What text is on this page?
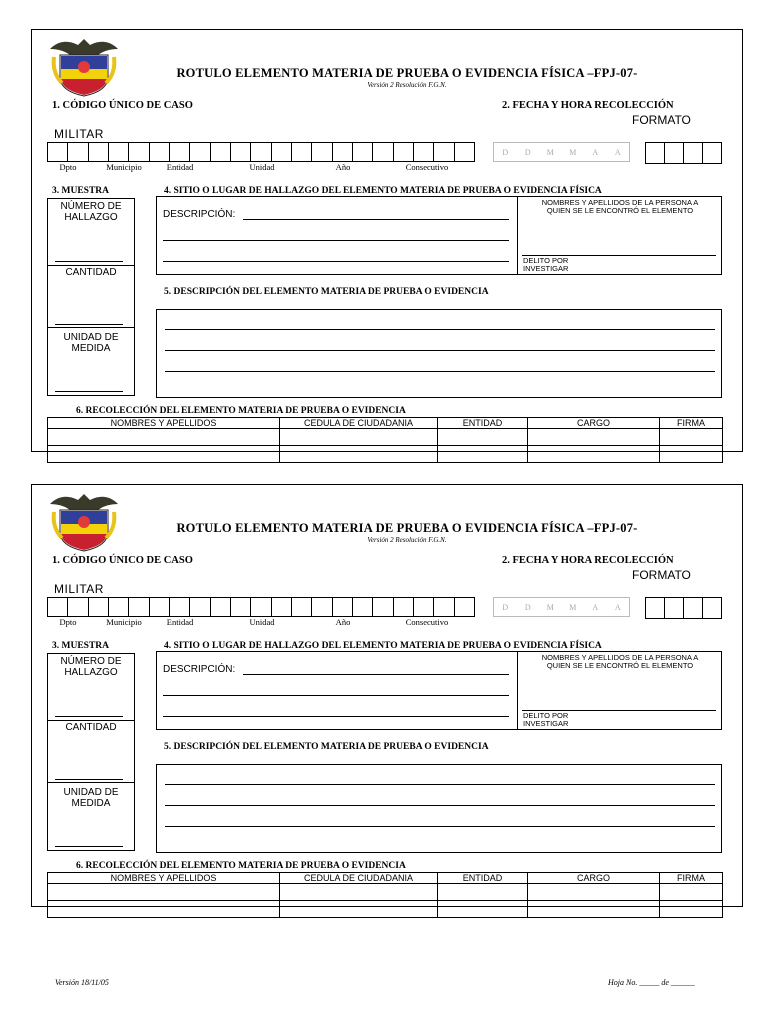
ROTULO ELEMENTO MATERIA DE PRUEBA O EVIDENCIA FÍSICA –FPJ-07-
Versión 2 Resolución F.G.N.
1. CÓDIGO ÚNICO DE CASO	2. FECHA Y HORA RECOLECCIÓN
FORMATO
MILITAR
Dpto	Municipio	Entidad	Unidad	Año	Consecutivo
D	D	M	M	A	A
3. MUESTRA	4. SITIO O LUGAR DE HALLAZGO DEL ELEMENTO MATERIA DE PRUEBA O EVIDENCIA FÍSICA
NÚMERO DE
HALLAZGO
CANTIDAD
UNIDAD DE
MEDIDA
DESCRIPCIÓN:
NOMBRES Y APELLIDOS DE LA PERSONA A
QUIEN SE LE ENCONTRÓ EL ELEMENTO
DELITO POR
INVESTIGAR
5. DESCRIPCIÓN DEL ELEMENTO MATERIA DE PRUEBA O EVIDENCIA
6. RECOLECCIÓN DEL ELEMENTO MATERIA DE PRUEBA O EVIDENCIA
NOMBRES Y APELLIDOS	CEDULA DE CIUDADANIA	ENTIDAD	CARGO	FIRMA

ROTULO ELEMENTO MATERIA DE PRUEBA O EVIDENCIA FÍSICA –FPJ-07-
Versión 2 Resolución F.G.N.
1. CÓDIGO ÚNICO DE CASO	2. FECHA Y HORA RECOLECCIÓN
FORMATO
MILITAR
Dpto	Municipio	Entidad	Unidad	Año	Consecutivo
D	D	M	M	A	A
3. MUESTRA	4. SITIO O LUGAR DE HALLAZGO DEL ELEMENTO MATERIA DE PRUEBA O EVIDENCIA FÍSICA
NÚMERO DE
HALLAZGO
CANTIDAD
UNIDAD DE
MEDIDA
DESCRIPCIÓN:
NOMBRES Y APELLIDOS DE LA PERSONA A
QUIEN SE LE ENCONTRÓ EL ELEMENTO
DELITO POR
INVESTIGAR
5. DESCRIPCIÓN DEL ELEMENTO MATERIA DE PRUEBA O EVIDENCIA
6. RECOLECCIÓN DEL ELEMENTO MATERIA DE PRUEBA O EVIDENCIA
NOMBRES Y APELLIDOS	CEDULA DE CIUDADANIA	ENTIDAD	CARGO	FIRMA

Versión 18/11/05	Hoja No. _____ de ______
